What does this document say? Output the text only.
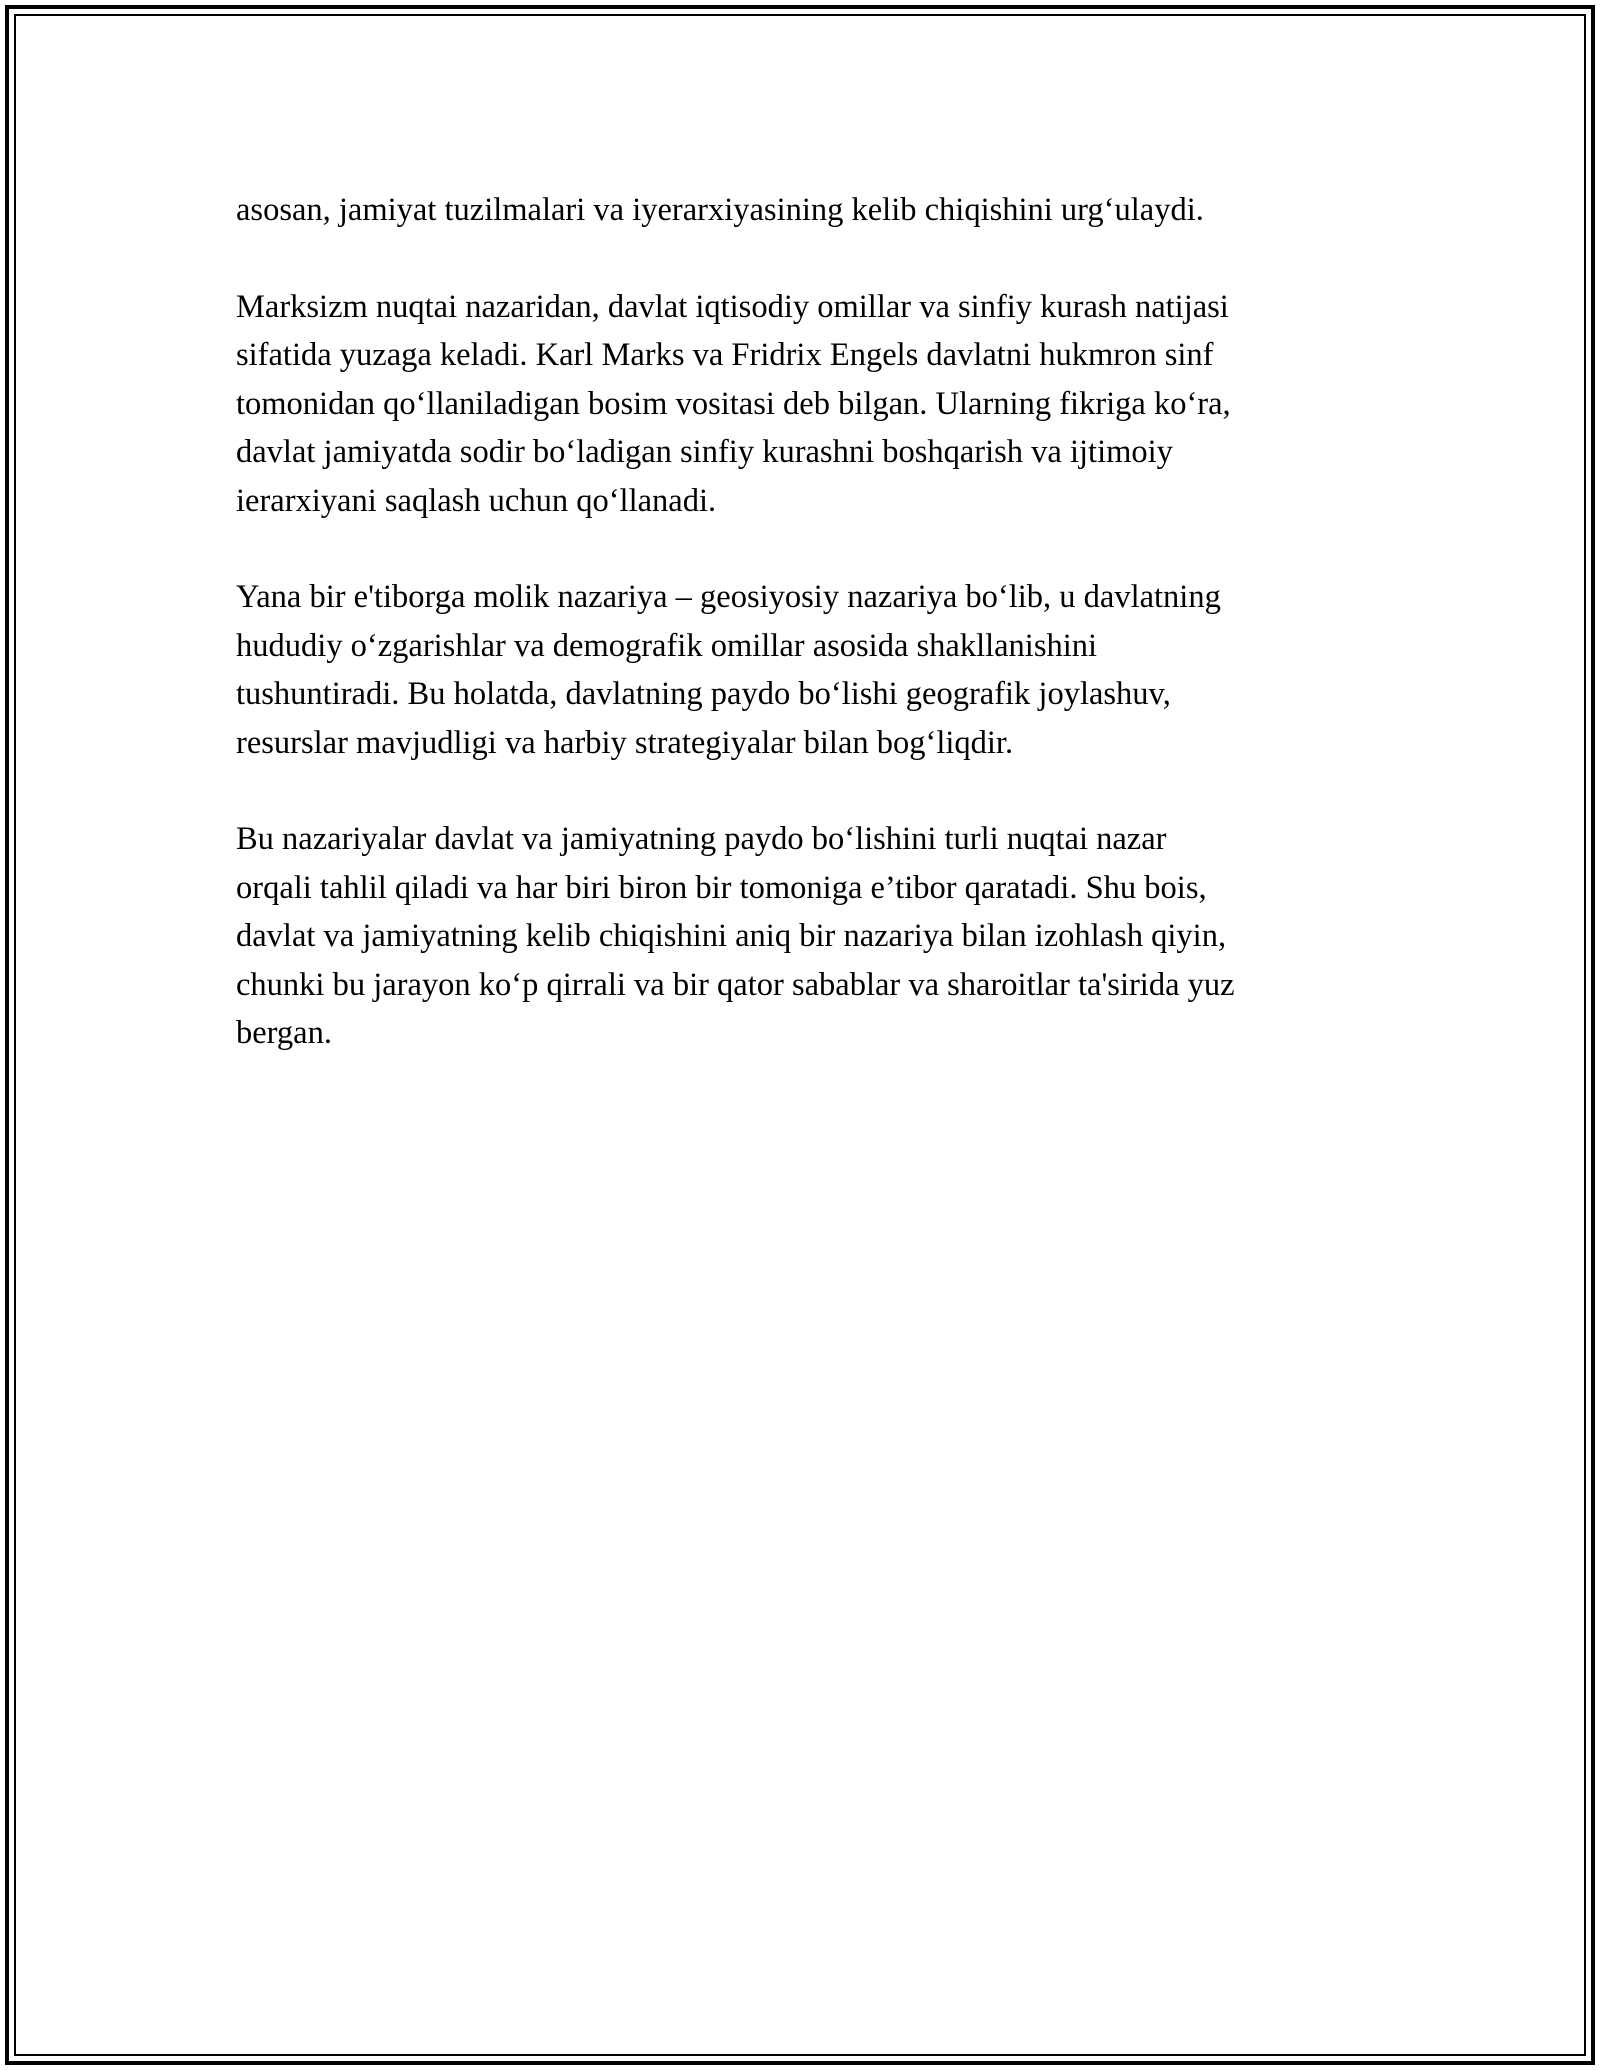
asosan, jamiyat tuzilmalari va iyerarxiyasining kelib chiqishini urg‘ulaydi.

Marksizm nuqtai nazaridan, davlat iqtisodiy omillar va sinfiy kurash natijasi
sifatida yuzaga keladi. Karl Marks va Fridrix Engels davlatni hukmron sinf
tomonidan qo‘llaniladigan bosim vositasi deb bilgan. Ularning fikriga ko‘ra,
davlat jamiyatda sodir bo‘ladigan sinfiy kurashni boshqarish va ijtimoiy
ierarxiyani saqlash uchun qo‘llanadi.

Yana bir e'tiborga molik nazariya – geosiyosiy nazariya bo‘lib, u davlatning
hududiy o‘zgarishlar va demografik omillar asosida shakllanishini
tushuntiradi. Bu holatda, davlatning paydo bo‘lishi geografik joylashuv,
resurslar mavjudligi va harbiy strategiyalar bilan bog‘liqdir.

Bu nazariyalar davlat va jamiyatning paydo bo‘lishini turli nuqtai nazar
orqali tahlil qiladi va har biri biron bir tomoniga e’tibor qaratadi. Shu bois,
davlat va jamiyatning kelib chiqishini aniq bir nazariya bilan izohlash qiyin,
chunki bu jarayon ko‘p qirrali va bir qator sabablar va sharoitlar ta'sirida yuz
bergan.
